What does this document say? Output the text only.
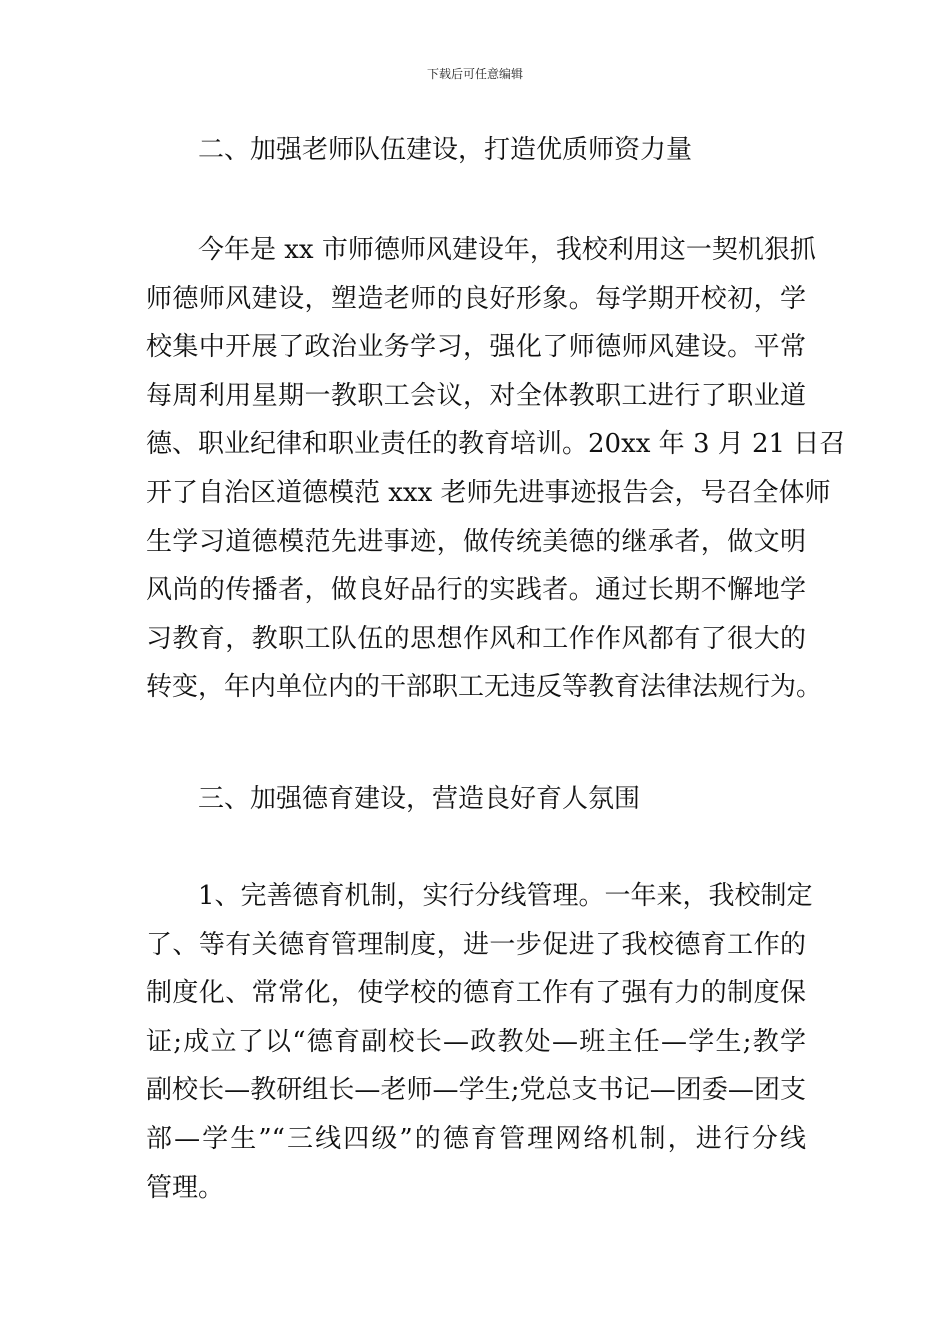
下载后可任意编辑
二、加强老师队伍建设，打造优质师资力量
今年是 xx 市师德师风建设年，我校利用这一契机狠抓
师德师风建设，塑造老师的良好形象。每学期开校初，学
校集中开展了政治业务学习，强化了师德师风建设。平常
每周利用星期一教职工会议，对全体教职工进行了职业道
德、职业纪律和职业责任的教育培训。20xx 年 3 月 21 日召
开了自治区道德模范 xxx 老师先进事迹报告会，号召全体师
生学习道德模范先进事迹，做传统美德的继承者，做文明
风尚的传播者，做良好品行的实践者。通过长期不懈地学
习教育，教职工队伍的思想作风和工作作风都有了很大的
转变，年内单位内的干部职工无违反等教育法律法规行为。
三、加强德育建设，营造良好育人氛围
1、完善德育机制，实行分线管理。一年来，我校制定
了、等有关德育管理制度，进一步促进了我校德育工作的
制度化、常常化，使学校的德育工作有了强有力的制度保
证;成立了以“德育副校长—政教处—班主任—学生;教学
副校长—教研组长—老师—学生;党总支书记—团委—团支
部—学生”“三线四级”的德育管理网络机制，进行分线
管理。
